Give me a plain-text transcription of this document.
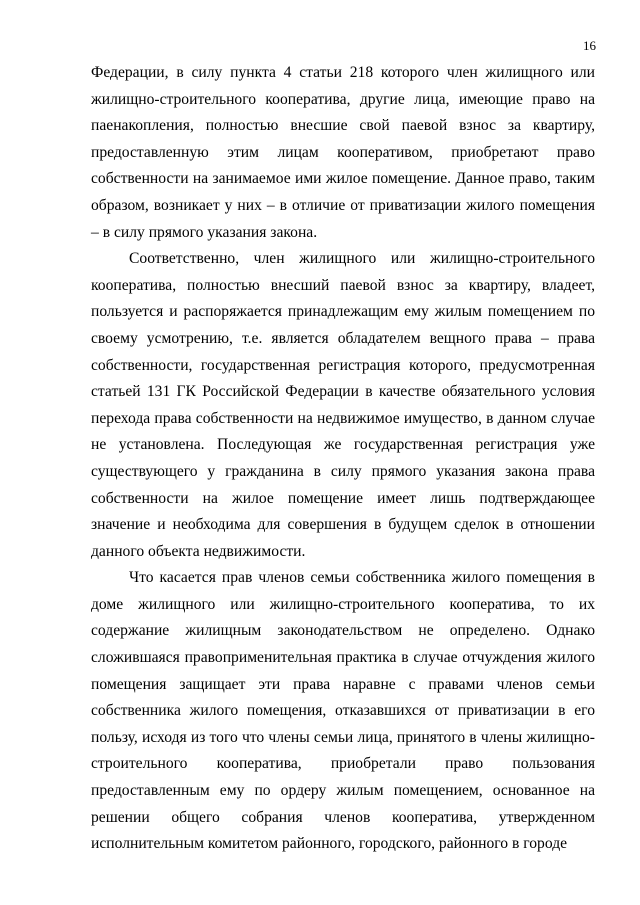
16

Федерации, в силу пункта 4 статьи 218 которого член жилищного или жилищно-строительного кооператива, другие лица, имеющие право на паенакопления, полностью внесшие свой паевой взнос за квартиру, предоставленную этим лицам кооперативом, приобретают право собственности на занимаемое ими жилое помещение. Данное право, таким образом, возникает у них – в отличие от приватизации жилого помещения – в силу прямого указания закона.

Соответственно, член жилищного или жилищно-строительного кооператива, полностью внесший паевой взнос за квартиру, владеет, пользуется и распоряжается принадлежащим ему жилым помещением по своему усмотрению, т.е. является обладателем вещного права – права собственности, государственная регистрация которого, предусмотренная статьей 131 ГК Российской Федерации в качестве обязательного условия перехода права собственности на недвижимое имущество, в данном случае не установлена. Последующая же государственная регистрация уже существующего у гражданина в силу прямого указания закона права собственности на жилое помещение имеет лишь подтверждающее значение и необходима для совершения в будущем сделок в отношении данного объекта недвижимости.

Что касается прав членов семьи собственника жилого помещения в доме жилищного или жилищно-строительного кооператива, то их содержание жилищным законодательством не определено. Однако сложившаяся правоприменительная практика в случае отчуждения жилого помещения защищает эти права наравне с правами членов семьи собственника жилого помещения, отказавшихся от приватизации в его пользу, исходя из того что члены семьи лица, принятого в члены жилищно-строительного кооператива, приобретали право пользования предоставленным ему по ордеру жилым помещением, основанное на решении общего собрания членов кооператива, утвержденном исполнительным комитетом районного, городского, районного в городе
